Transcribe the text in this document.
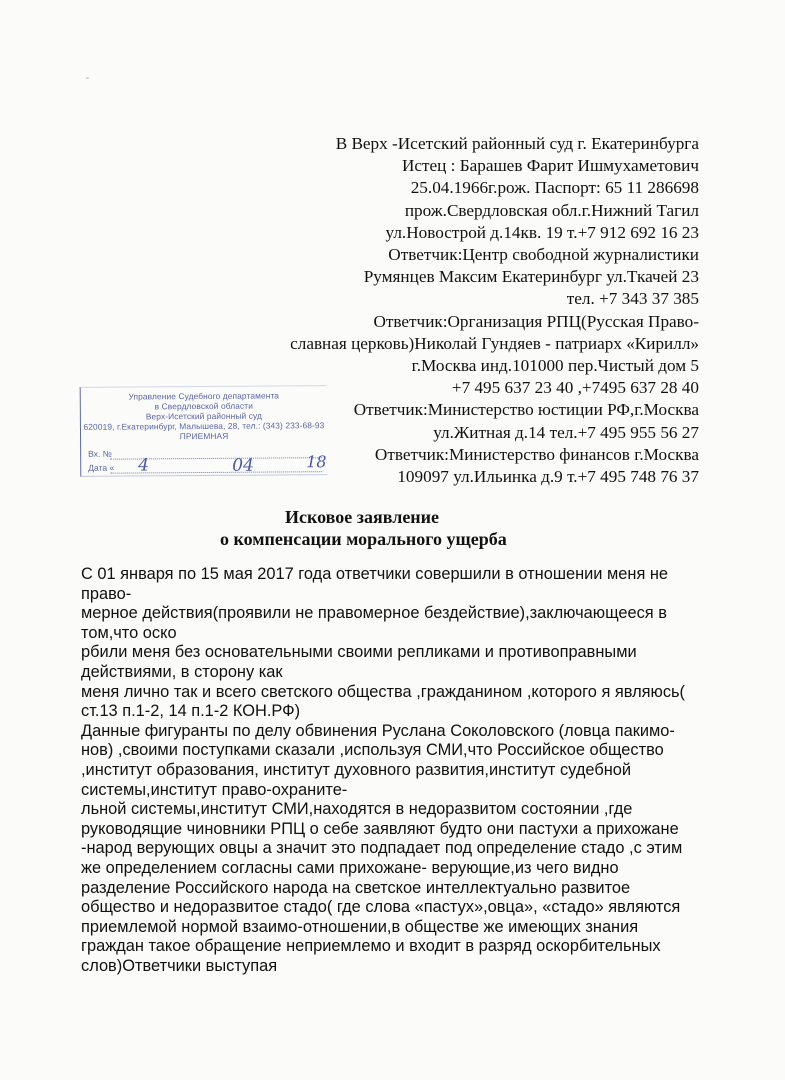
В Верх -Исетский районный суд г. Екатеринбурга
Истец : Барашев Фарит Ишмухаметович
25.04.1966г.рож. Паспорт: 65 11 286698
прож.Свердловская обл.г.Нижний Тагил
ул.Новострой д.14кв. 19 т.+7 912 692 16 23
Ответчик:Центр свободной журналистики
Румянцев Максим Екатеринбург ул.Ткачей 23
тел. +7 343 37 385
Ответчик:Организация РПЦ(Русская Право-
славная церковь)Николай Гундяев - патриарх «Кирилл»
г.Москва инд.101000 пер.Чистый дом 5
+7 495 637 23 40 ,+7495 637 28 40
Ответчик:Министерство юстиции РФ,г.Москва
ул.Житная д.14 тел.+7 495 955 56 27
Ответчик:Министерство финансов г.Москва
109097 ул.Ильинка д.9 т.+7 495 748 76 37
Управление Судебного департамента
в Свердловской области
Верх-Исетский районный суд
620019, г.Екатеринбург, Малышева, 28, тел.: (343) 233-68-93
ПРИЕМНАЯ
Вх. №
Дата « 4	04	18
Исковое заявление
о компенсации морального ущерба
С 01 января по 15 мая 2017 года ответчики совершили в отношении меня не
право-
мерное действия(проявили не правомерное бездействие),заключающееся в
том,что оско
рбили меня без основательными своими репликами и противоправными
действиями, в сторону как
меня лично так и всего светского общества ,гражданином ,которого я являюсь(
ст.13 п.1-2, 14 п.1-2 КОН.РФ)
Данные фигуранты по делу обвинения Руслана Соколовского (ловца пакимо-
нов) ,своими поступками сказали ,используя СМИ,что Российское общество
,институт образования, институт духовного развития,институт судебной
системы,институт право-охраните-
льной системы,институт СМИ,находятся в недоразвитом состоянии ,где
руководящие чиновники РПЦ о себе заявляют будто они пастухи а прихожане
-народ верующих овцы а значит это подпадает под определение стадо ,с этим
же определением согласны сами прихожане- верующие,из чего видно
разделение Российского народа на светское интеллектуально развитое
общество и недоразвитое стадо( где слова «пастух»,овца», «стадо» являются
приемлемой нормой взаимо-отношении,в обществе же имеющих знания
граждан такое обращение неприемлемо и входит в разряд оскорбительных
слов)Ответчики выступая
